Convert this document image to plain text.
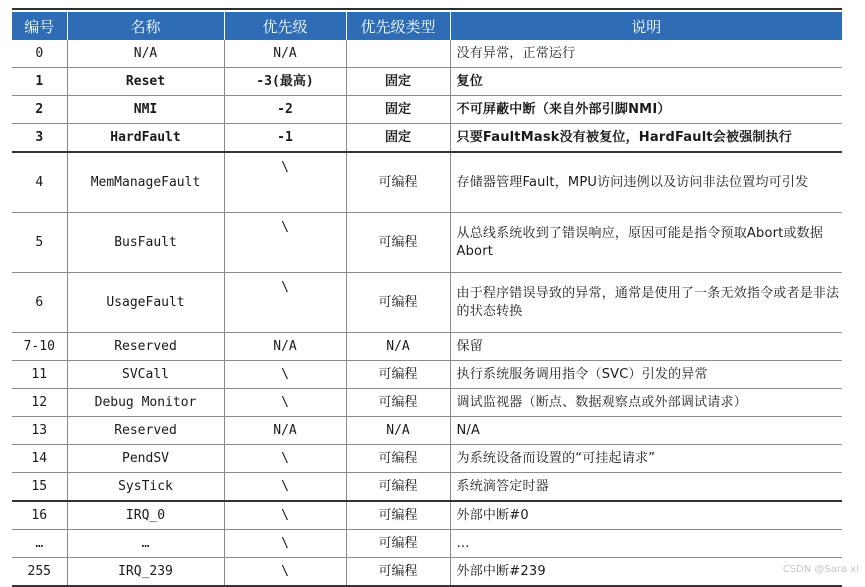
编号	名称	优先级	优先级类型	说明
0	N/A	N/A		没有异常，正常运行
1	Reset	-3(最高)	固定	复位
2	NMI	-2	固定	不可屏蔽中断（来自外部引脚NMI）
3	HardFault	-1	固定	只要FaultMask没有被复位，HardFault会被强制执行
4	MemManageFault	\	可编程	存储器管理Fault，MPU访问违例以及访问非法位置均可引发
5	BusFault	\	可编程	从总线系统收到了错误响应，原因可能是指令预取Abort或数据Abort
6	UsageFault	\	可编程	由于程序错误导致的异常，通常是使用了一条无效指令或者是非法的状态转换
7-10	Reserved	N/A	N/A	保留
11	SVCall	\	可编程	执行系统服务调用指令（SVC）引发的异常
12	Debug Monitor	\	可编程	调试监视器（断点、数据观察点或外部调试请求）
13	Reserved	N/A	N/A	N/A
14	PendSV	\	可编程	为系统设备而设置的“可挂起请求”
15	SysTick	\	可编程	系统滴答定时器
16	IRQ_0	\	可编程	外部中断#0
…	…	\	可编程	…
255	IRQ_239	\	可编程	外部中断#239	CSDN @Sara xl
